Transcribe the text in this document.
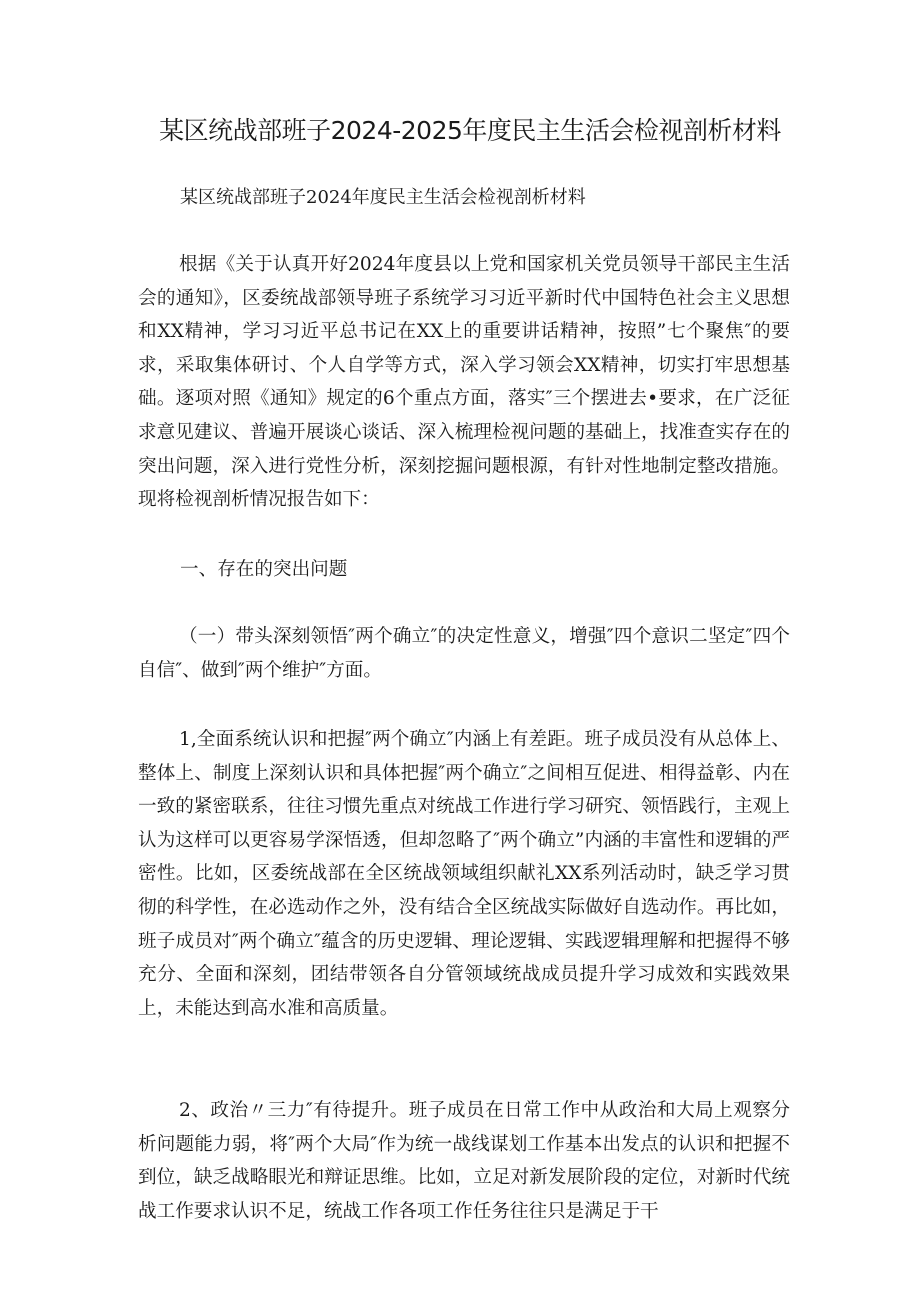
某区统战部班子2024-2025年度民主生活会检视剖析材料

某区统战部班子2024年度民主生活会检视剖析材料

根据《关于认真开好2024年度县以上党和国家机关党员领导干部民主生活会的通知》，区委统战部领导班子系统学习习近平新时代中国特色社会主义思想和XX精神，学习习近平总书记在XX上的重要讲话精神，按照”七个聚焦″的要求，采取集体研讨、个人自学等方式，深入学习领会XX精神，切实打牢思想基础。逐项对照《通知》规定的6个重点方面，落实″三个摆进去•要求，在广泛征求意见建议、普遍开展谈心谈话、深入梳理检视问题的基础上，找准查实存在的突出问题，深入进行党性分析，深刻挖掘问题根源，有针对性地制定整改措施。现将检视剖析情况报告如下：

一、存在的突出问题

（一）带头深刻领悟″两个确立″的决定性意义，增强″四个意识二坚定″四个自信″、做到″两个维护″方面。

1,全面系统认识和把握″两个确立″内涵上有差距。班子成员没有从总体上、整体上、制度上深刻认识和具体把握″两个确立″之间相互促进、相得益彰、内在一致的紧密联系，往往习惯先重点对统战工作进行学习研究、领悟践行，主观上认为这样可以更容易学深悟透，但却忽略了″两个确立”内涵的丰富性和逻辑的严密性。比如，区委统战部在全区统战领域组织献礼XX系列活动时，缺乏学习贯彻的科学性，在必选动作之外，没有结合全区统战实际做好自选动作。再比如，班子成员对″两个确立″蕴含的历史逻辑、理论逻辑、实践逻辑理解和把握得不够充分、全面和深刻，团结带领各自分管领域统战成员提升学习成效和实践效果上，未能达到高水准和高质量。

2、政治〃三力″有待提升。班子成员在日常工作中从政治和大局上观察分析问题能力弱，将″两个大局″作为统一战线谋划工作基本出发点的认识和把握不到位，缺乏战略眼光和辩证思维。比如，立足对新发展阶段的定位，对新时代统战工作要求认识不足，统战工作各项工作任务往往只是满足于干
